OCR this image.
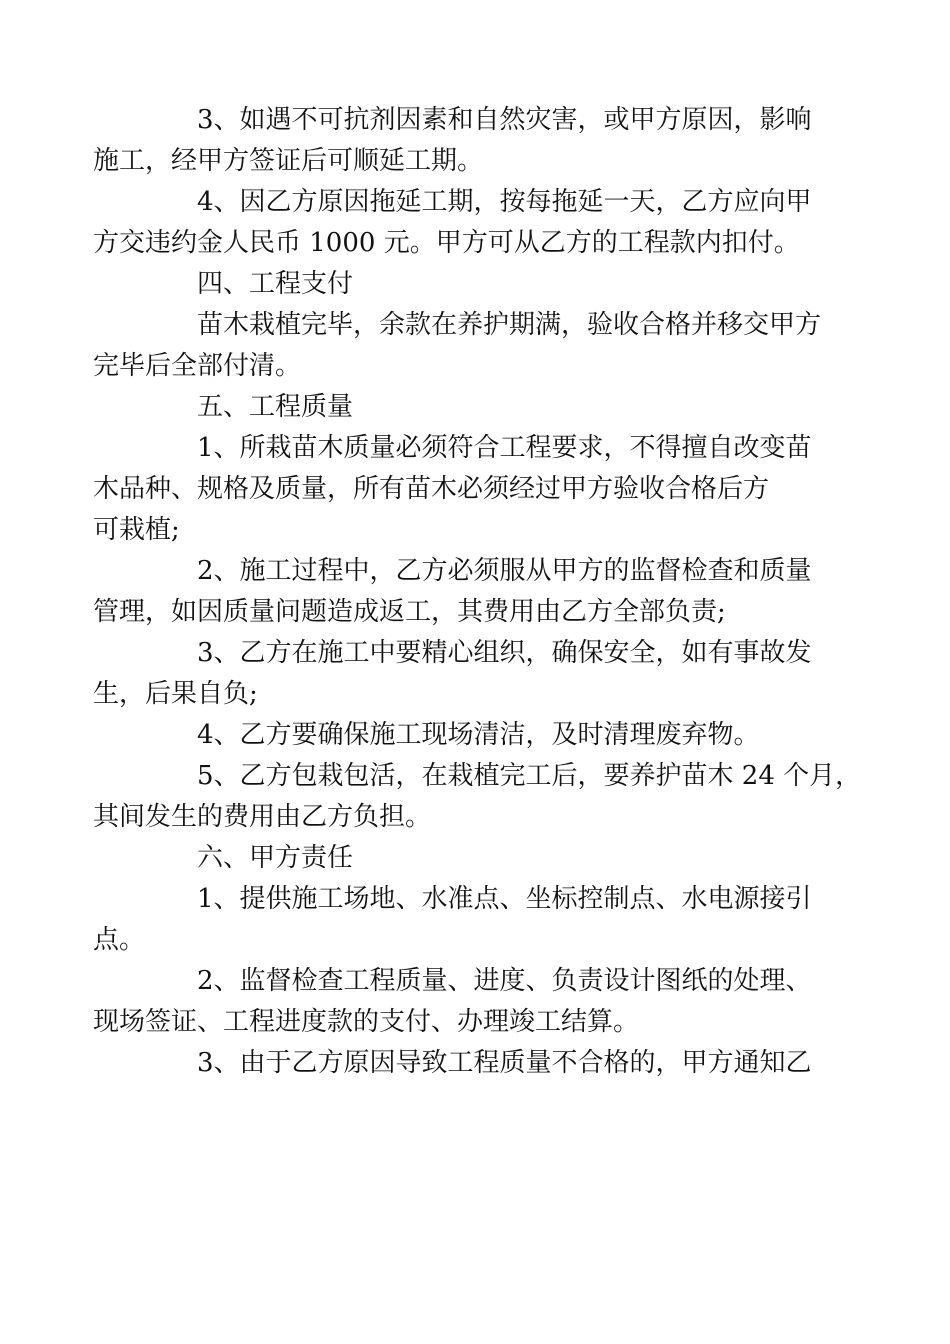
3、如遇不可抗剂因素和自然灾害，或甲方原因，影响
施工，经甲方签证后可顺延工期。

4、因乙方原因拖延工期，按每拖延一天，乙方应向甲
方交违约金人民币 1000 元。甲方可从乙方的工程款内扣付。

四、工程支付

苗木栽植完毕，余款在养护期满，验收合格并移交甲方
完毕后全部付清。

五、工程质量

1、所栽苗木质量必须符合工程要求，不得擅自改变苗
木品种、规格及质量，所有苗木必须经过甲方验收合格后方
可栽植;

2、施工过程中，乙方必须服从甲方的监督检查和质量
管理，如因质量问题造成返工，其费用由乙方全部负责;

3、乙方在施工中要精心组织，确保安全，如有事故发
生，后果自负;

4、乙方要确保施工现场清洁，及时清理废弃物。

5、乙方包栽包活，在栽植完工后，要养护苗木 24 个月，
其间发生的费用由乙方负担。

六、甲方责任

1、提供施工场地、水准点、坐标控制点、水电源接引
点。

2、监督检查工程质量、进度、负责设计图纸的处理、
现场签证、工程进度款的支付、办理竣工结算。

3、由于乙方原因导致工程质量不合格的，甲方通知乙
